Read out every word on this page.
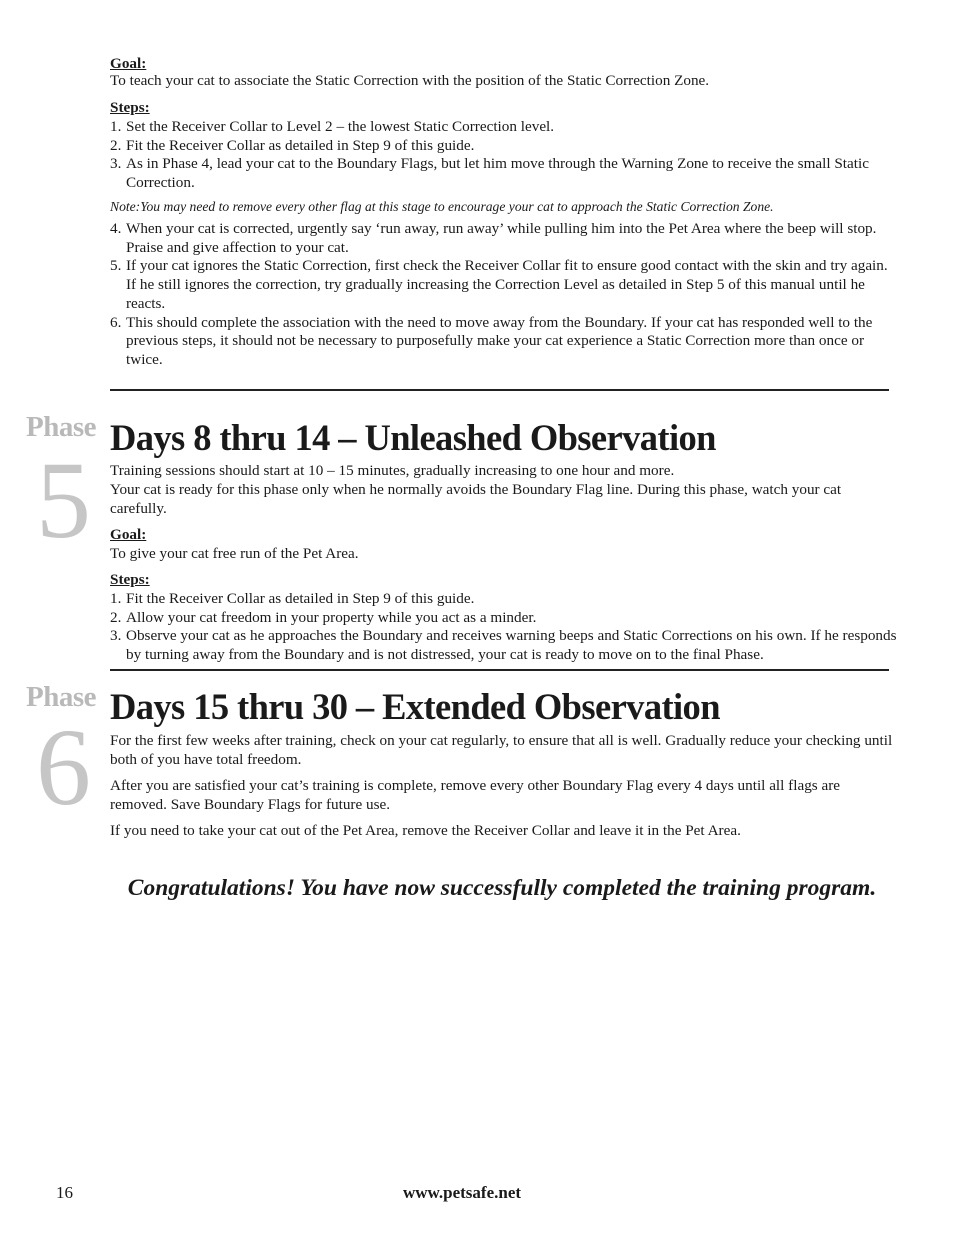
Goal:

To teach your cat to associate the Static Correction with the position of the Static Correction Zone.

Steps:

1. Set the Receiver Collar to Level 2 – the lowest Static Correction level.
2. Fit the Receiver Collar as detailed in Step 9 of this guide.
3. As in Phase 4, lead your cat to the Boundary Flags, but let him move through the Warning Zone to receive the small Static Correction.

Note:You may need to remove every other flag at this stage to encourage your cat to approach the Static Correction Zone.

4. When your cat is corrected, urgently say ‘run away, run away’ while pulling him into the Pet Area where the beep will stop. Praise and give affection to your cat.
5. If your cat ignores the Static Correction, first check the Receiver Collar fit to ensure good contact with the skin and try again. If he still ignores the correction, try gradually increasing the Correction Level as detailed in Step 5 of this manual until he reacts.
6. This should complete the association with the need to move away from the Boundary. If your cat has responded well to the previous steps, it should not be necessary to purposefully make your cat experience a Static Correction more than once or twice.
Phase
5
Days 8 thru 14 – Unleashed Observation

Training sessions should start at 10 – 15 minutes, gradually increasing to one hour and more.

Your cat is ready for this phase only when he normally avoids the Boundary Flag line. During this phase, watch your cat carefully.

Goal:

To give your cat free run of the Pet Area.

Steps:

1. Fit the Receiver Collar as detailed in Step 9 of this guide.
2. Allow your cat freedom in your property while you act as a minder.
3. Observe your cat as he approaches the Boundary and receives warning beeps and Static Corrections on his own. If he responds by turning away from the Boundary and is not distressed, your cat is ready to move on to the final Phase.
Phase
6 Days 15 thru 30 – Extended Observation

For the first few weeks after training, check on your cat regularly, to ensure that all is well. Gradually reduce your checking until both of you have total freedom.

After you are satisfied your cat’s training is complete, remove every other Boundary Flag every 4 days until all flags are removed. Save Boundary Flags for future use.

If you need to take your cat out of the Pet Area, remove the Receiver Collar and leave it in the Pet Area.

Congratulations! You have now successfully completed the training program.

16	www.petsafe.net
